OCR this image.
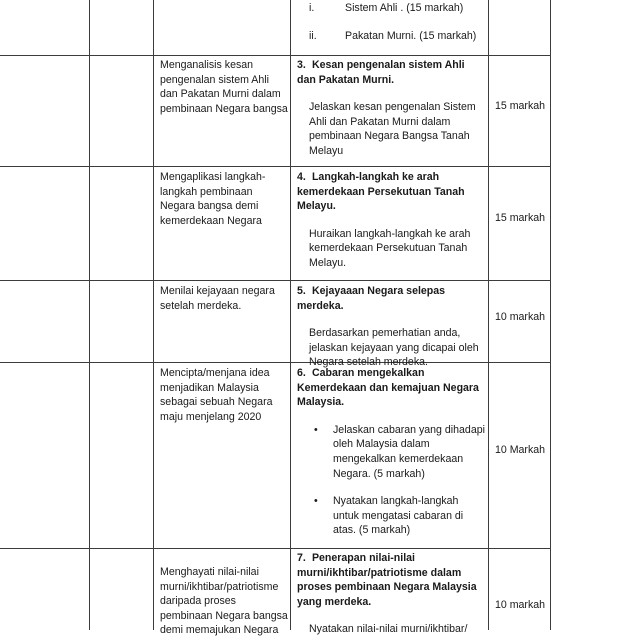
i.	Sistem Ahli . (15 markah)
ii.	Pakatan Murni. (15 markah)
Menganalisis kesan pengenalan sistem Ahli dan Pakatan Murni dalam pembinaan Negara bangsa
3. Kesan pengenalan sistem Ahli dan Pakatan Murni.

Jelaskan kesan pengenalan Sistem Ahli dan Pakatan Murni dalam pembinaan Negara Bangsa Tanah Melayu

15 markah
Mengaplikasi langkah-langkah pembinaan Negara bangsa demi kemerdekaan Negara
4. Langkah-langkah ke arah kemerdekaan Persekutuan Tanah Melayu.

Huraikan langkah-langkah ke arah kemerdekaan Persekutuan Tanah Melayu.

15 markah
Menilai kejayaan negara setelah merdeka.
5. Kejayaaan Negara selepas merdeka.

Berdasarkan pemerhatian anda, jelaskan kejayaan yang dicapai oleh Negara setelah merdeka.

10 markah
Mencipta/menjana idea menjadikan Malaysia sebagai sebuah Negara maju menjelang 2020
6. Cabaran mengekalkan Kemerdekaan dan kemajuan Negara Malaysia.
• Jelaskan cabaran yang dihadapi oleh Malaysia dalam mengekalkan kemerdekaan Negara. (5 markah)
• Nyatakan langkah-langkah untuk mengatasi cabaran di atas. (5 markah)
10 Markah
Menghayati nilai-nilai murni/ikhtibar/patriotisme daripada proses pembinaan Negara bangsa demi memajukan Negara
7. Penerapan nilai-nilai murni/ikhtibar/patriotisme dalam proses pembinaan Negara Malaysia yang merdeka.

Nyatakan nilai-nilai murni/ikhtibar/

10 markah
